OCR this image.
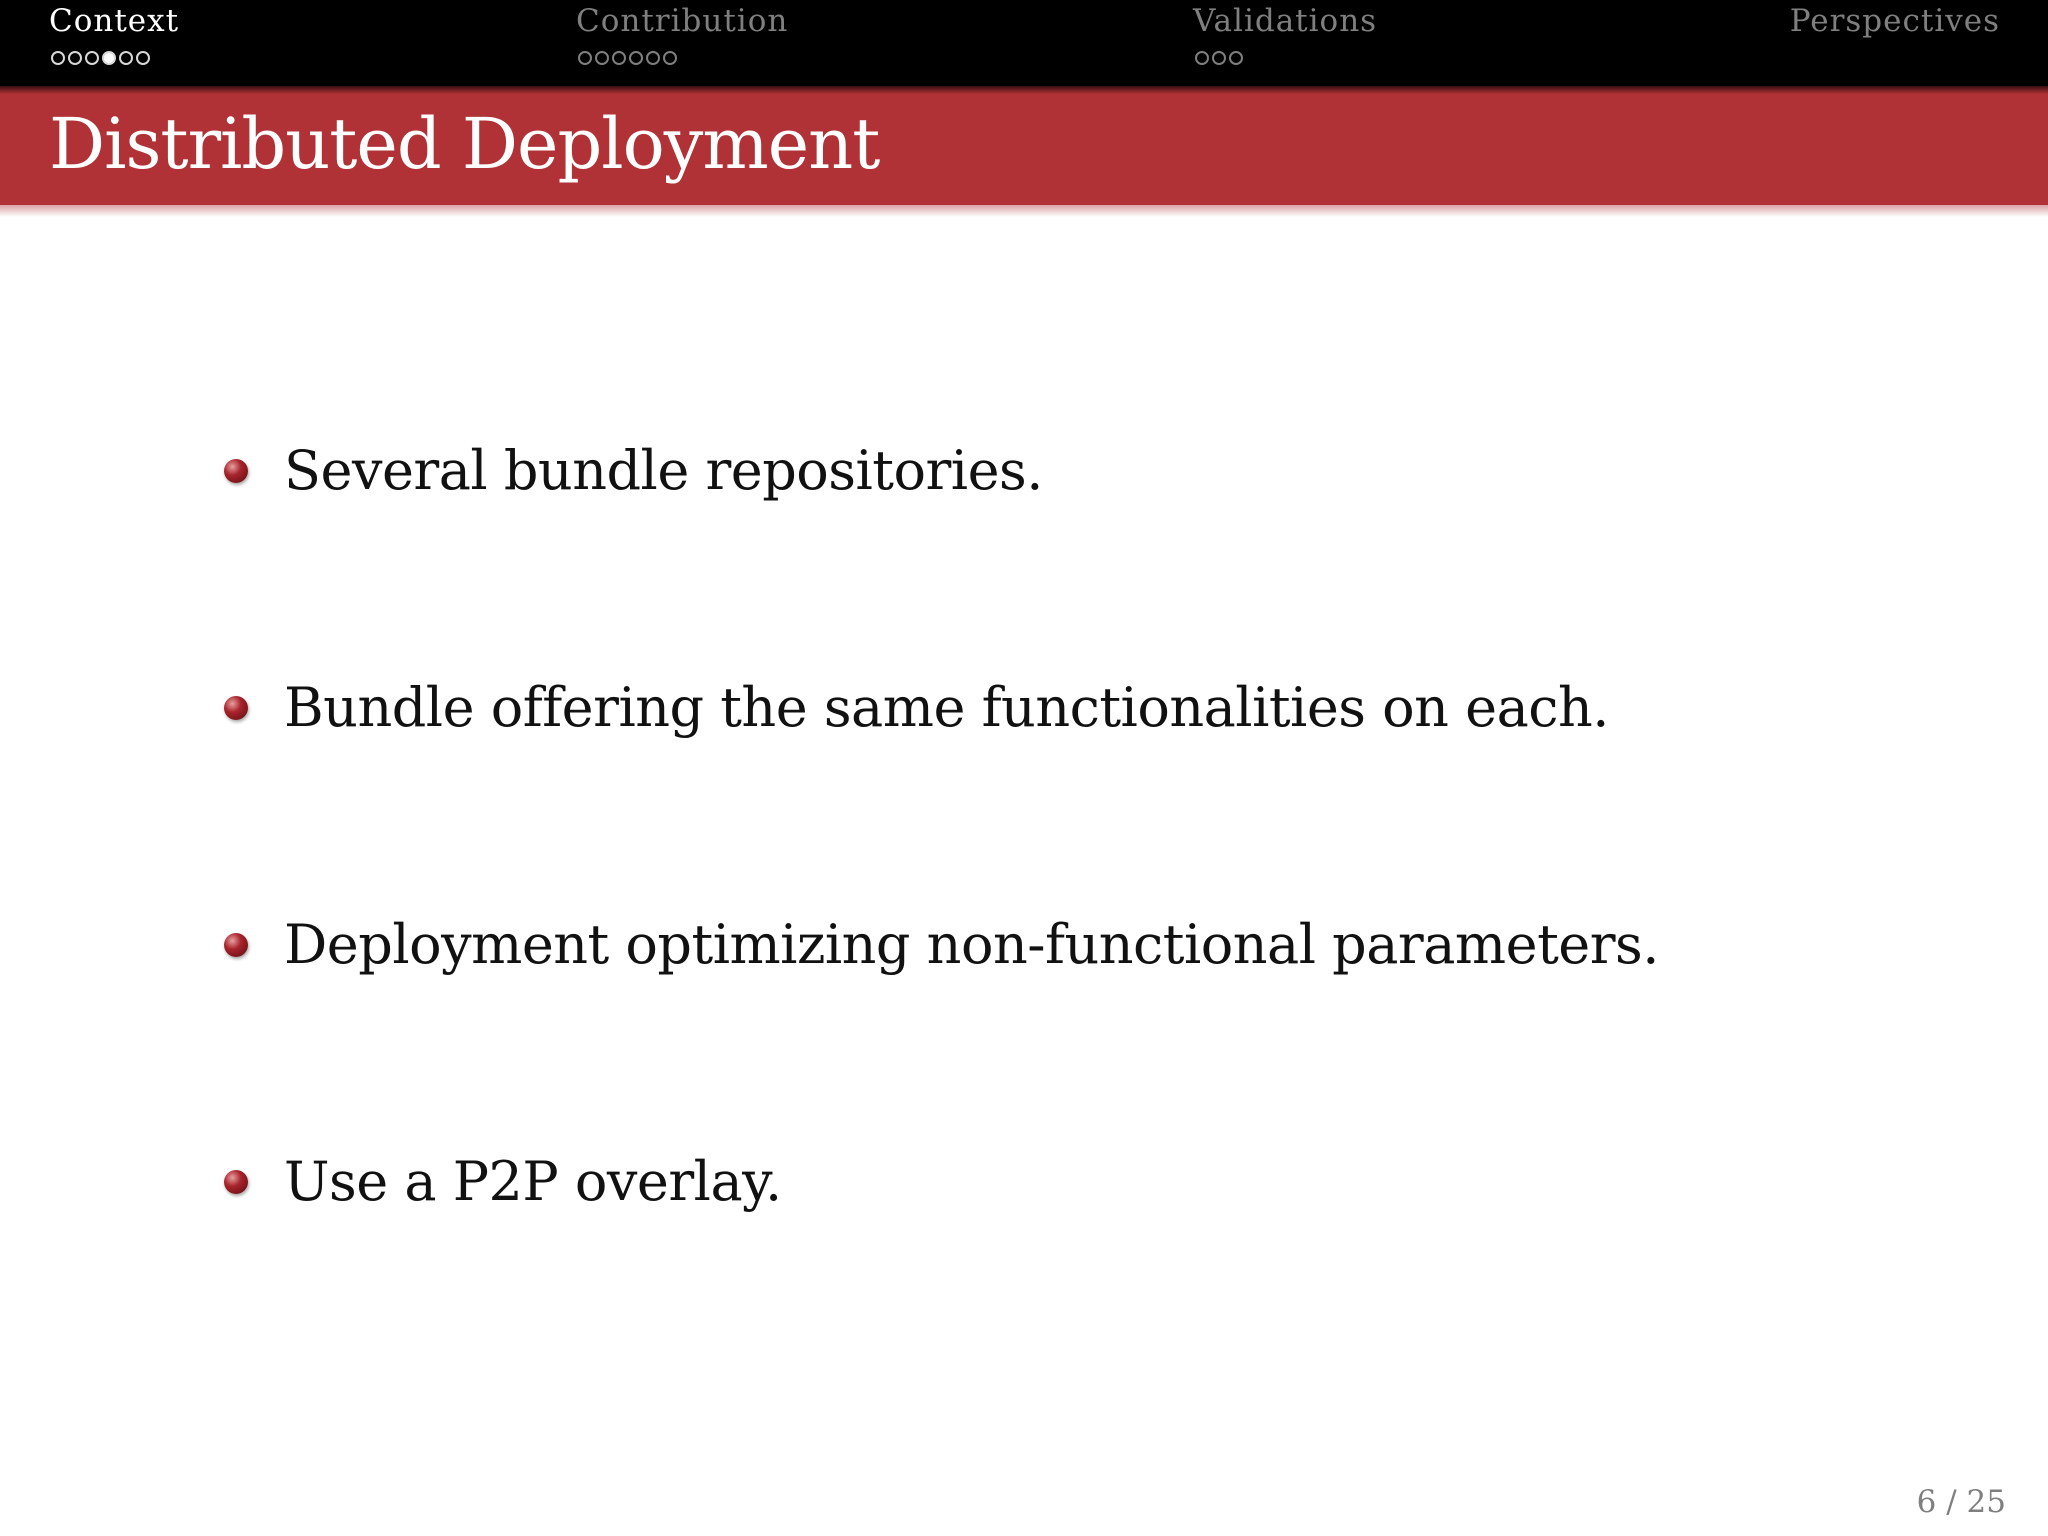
Context	Contribution	Validations	Perspectives
Distributed Deployment
Several bundle repositories.
Bundle offering the same functionalities on each.
Deployment optimizing non-functional parameters.
Use a P2P overlay.
6 / 25
